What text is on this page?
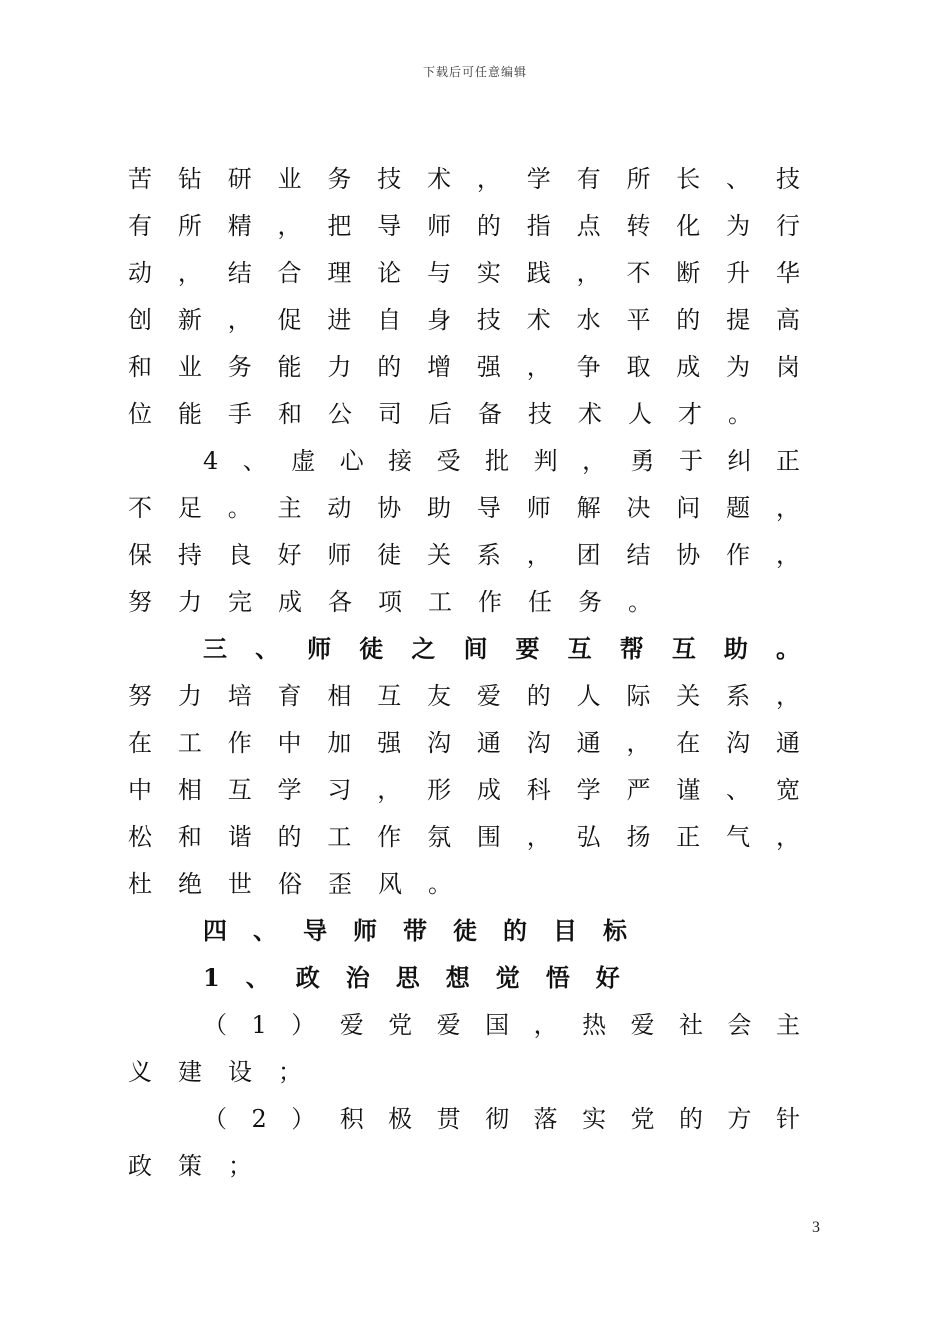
下载后可任意编辑
苦钻研业务技术，学有所长、技
有所精，把导师的指点转化为行
动，结合理论与实践，不断升华
创新，促进自身技术水平的提高
和业务能力的增强，争取成为岗
位能手和公司后备技术人才。
4、虚心接受批判，勇于纠正
不足。主动协助导师解决问题，
保持良好师徒关系，团结协作，
努力完成各项工作任务。
三、师徒之间要互帮互助。
努力培育相互友爱的人际关系，
在工作中加强沟通沟通，在沟通
中相互学习，形成科学严谨、宽
松和谐的工作氛围，弘扬正气，
杜绝世俗歪风。
四、导师带徒的目标
1、政治思想觉悟好
（1）爱党爱国，热爱社会主
义建设；
（2）积极贯彻落实党的方针
政策；
3
